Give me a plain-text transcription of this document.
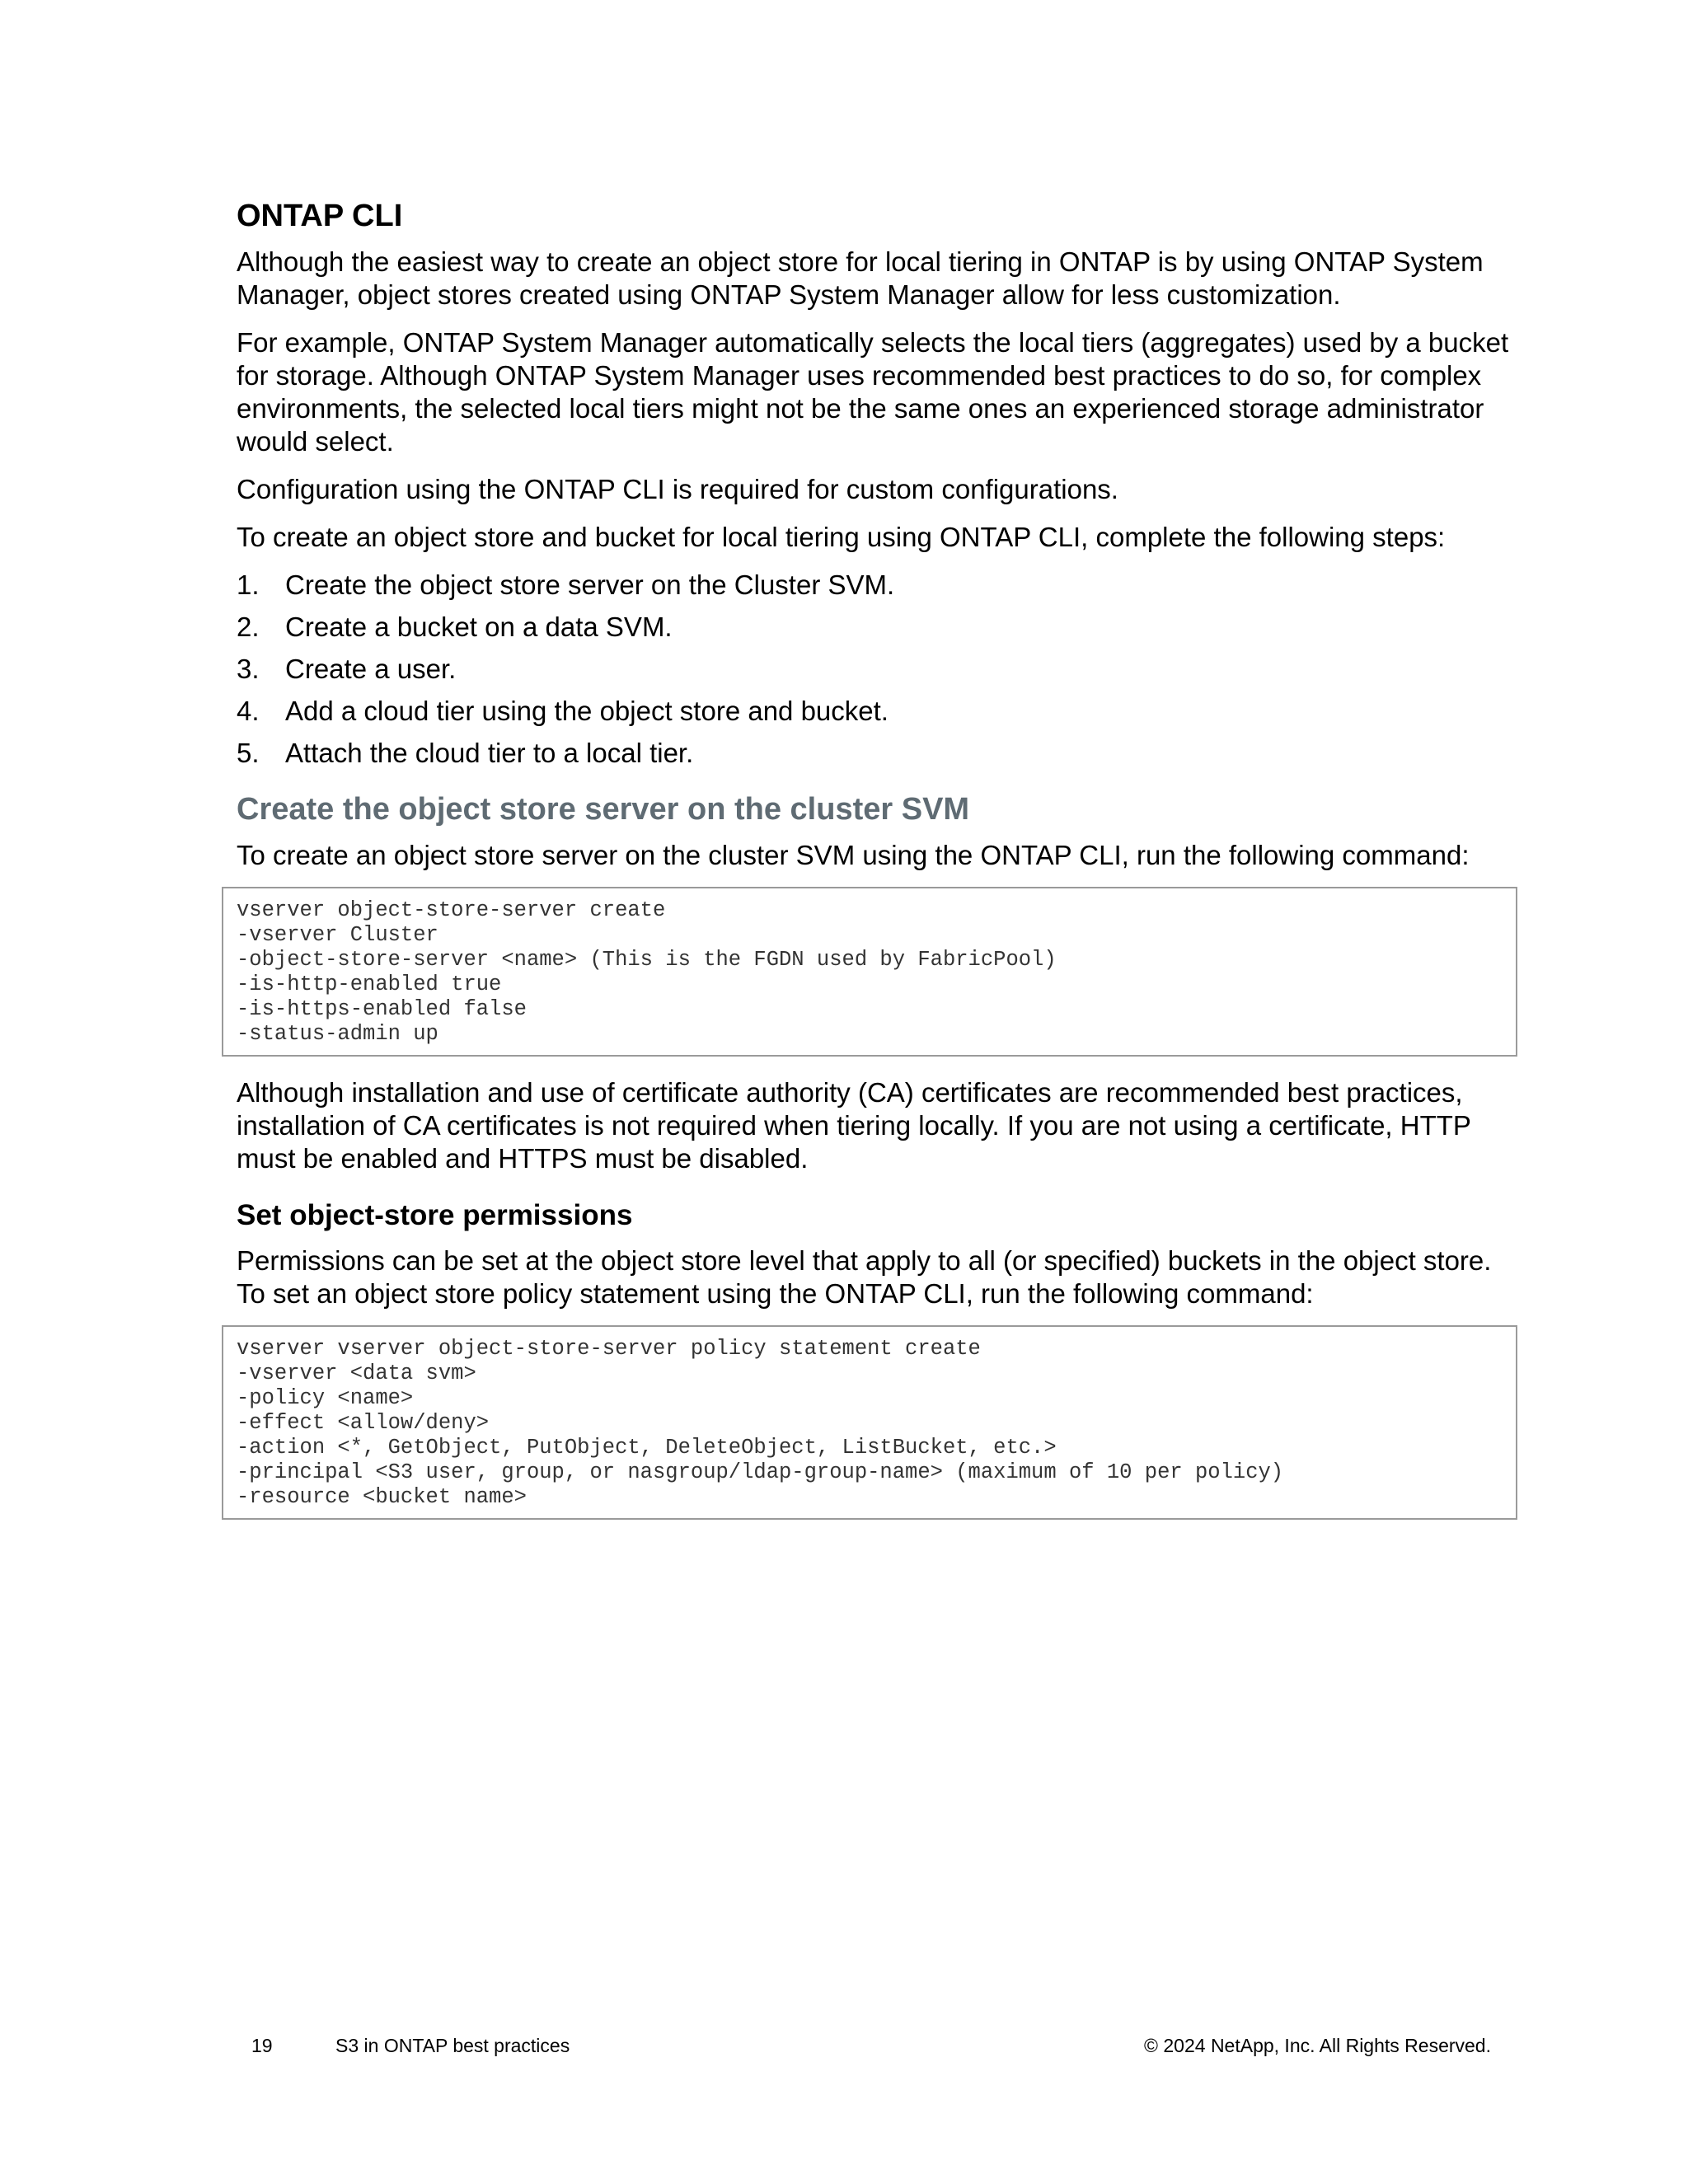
ONTAP CLI

Although the easiest way to create an object store for local tiering in ONTAP is by using ONTAP System Manager, object stores created using ONTAP System Manager allow for less customization.

For example, ONTAP System Manager automatically selects the local tiers (aggregates) used by a bucket for storage. Although ONTAP System Manager uses recommended best practices to do so, for complex environments, the selected local tiers might not be the same ones an experienced storage administrator would select.

Configuration using the ONTAP CLI is required for custom configurations.

To create an object store and bucket for local tiering using ONTAP CLI, complete the following steps:

1. Create the object store server on the Cluster SVM.
2. Create a bucket on a data SVM.
3. Create a user.
4. Add a cloud tier using the object store and bucket.
5. Attach the cloud tier to a local tier.
Create the object store server on the cluster SVM

To create an object store server on the cluster SVM using the ONTAP CLI, run the following command:

vserver object-store-server create
-vserver Cluster
-object-store-server <name> (This is the FGDN used by FabricPool)
-is-http-enabled true
-is-https-enabled false
-status-admin up

Although installation and use of certificate authority (CA) certificates are recommended best practices, installation of CA certificates is not required when tiering locally. If you are not using a certificate, HTTP must be enabled and HTTPS must be disabled.

Set object-store permissions

Permissions can be set at the object store level that apply to all (or specified) buckets in the object store. To set an object store policy statement using the ONTAP CLI, run the following command:

vserver vserver object-store-server policy statement create
-vserver <data svm>
-policy <name>
-effect <allow/deny>
-action <*, GetObject, PutObject, DeleteObject, ListBucket, etc.>
-principal <S3 user, group, or nasgroup/ldap-group-name> (maximum of 10 per policy)
-resource <bucket name>
19	S3 in ONTAP best practices	© 2024 NetApp, Inc. All Rights Reserved.
